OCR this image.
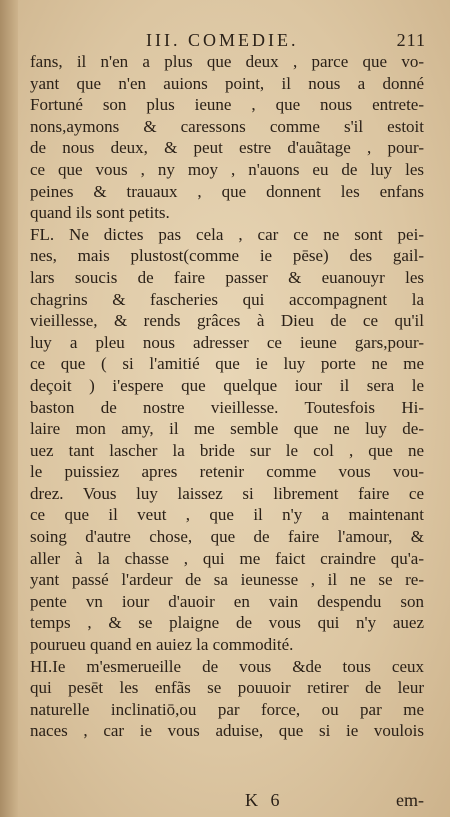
III. COMEDIE.	211
fans, il n'en a plus que deux , parce que vo-
yant que n'en auions point, il nous a donné
Fortuné son plus ieune , que nous entrete-
nons,aymons & caressons comme s'il estoit
de nous deux, & peut estre d'auãtage , pour-
ce que vous , ny moy , n'auons eu de luy les
peines & trauaux , que donnent les enfans
quand ils sont petits.
FL. Ne dictes pas cela , car ce ne sont pei-
nes, mais plustost(comme ie pēse) des gail-
lars soucis de faire passer & euanouyr les
chagrins & fascheries qui accompagnent la
vieillesse, & rends grâces à Dieu de ce qu'il
luy a pleu nous adresser ce ieune gars,pour-
ce que ( si l'amitié que ie luy porte ne me
deçoit ) i'espere que quelque iour il sera le
baston de nostre vieillesse. Toutesfois Hi-
laire mon amy, il me semble que ne luy de-
uez tant lascher la bride sur le col , que ne
le puissiez apres retenir comme vous vou-
drez. Vous luy laissez si librement faire ce
ce que il veut , que il n'y a maintenant
soing d'autre chose, que de faire l'amour, &
aller à la chasse , qui me faict craindre qu'a-
yant passé l'ardeur de sa ieunesse , il ne se re-
pente vn iour d'auoir en vain despendu son
temps , & se plaigne de vous qui n'y auez
pourueu quand en auiez la commodité.
HI.Ie m'esmerueille de vous &de tous ceux
qui pesēt les enfãs se pouuoir retirer de leur
naturelle inclinatiō,ou par force, ou par me
naces , car ie vous aduise, que si ie voulois
K 6	em-
